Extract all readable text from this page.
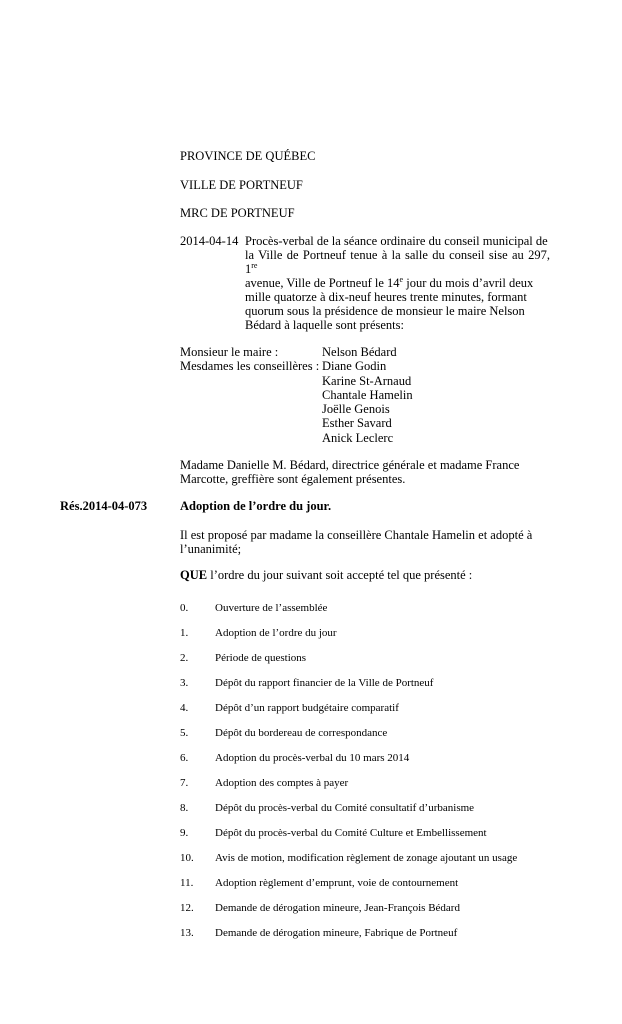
PROVINCE DE QUÉBEC
VILLE DE PORTNEUF
MRC DE PORTNEUF
2014-04-14 Procès-verbal de la séance ordinaire du conseil municipal de
la Ville de Portneuf tenue à la salle du conseil sise au 297, 1re
avenue, Ville de Portneuf le 14e jour du mois d’avril deux
mille quatorze à dix-neuf heures trente minutes, formant
quorum sous la présidence de monsieur le maire Nelson
Bédard à laquelle sont présents:
Monsieur le maire :
Mesdames les conseillères :
Nelson Bédard
Diane Godin
Karine St-Arnaud
Chantale Hamelin
Joëlle Genois
Esther Savard
Anick Leclerc
Madame Danielle M. Bédard, directrice générale et madame France
Marcotte, greffière sont également présentes.
Rés.2014-04-073	Adoption de l’ordre du jour.
Il est proposé par madame la conseillère Chantale Hamelin et adopté à
l’unanimité;
QUE l’ordre du jour suivant soit accepté tel que présenté :
0. Ouverture de l’assemblée
1. Adoption de l’ordre du jour
2. Période de questions
3. Dépôt du rapport financier de la Ville de Portneuf
4. Dépôt d’un rapport budgétaire comparatif
5. Dépôt du bordereau de correspondance
6. Adoption du procès-verbal du 10 mars 2014
7. Adoption des comptes à payer
8. Dépôt du procès-verbal du Comité consultatif d’urbanisme
9. Dépôt du procès-verbal du Comité Culture et Embellissement
10. Avis de motion, modification règlement de zonage ajoutant un usage
11. Adoption règlement d’emprunt, voie de contournement
12. Demande de dérogation mineure, Jean-François Bédard
13. Demande de dérogation mineure, Fabrique de Portneuf
